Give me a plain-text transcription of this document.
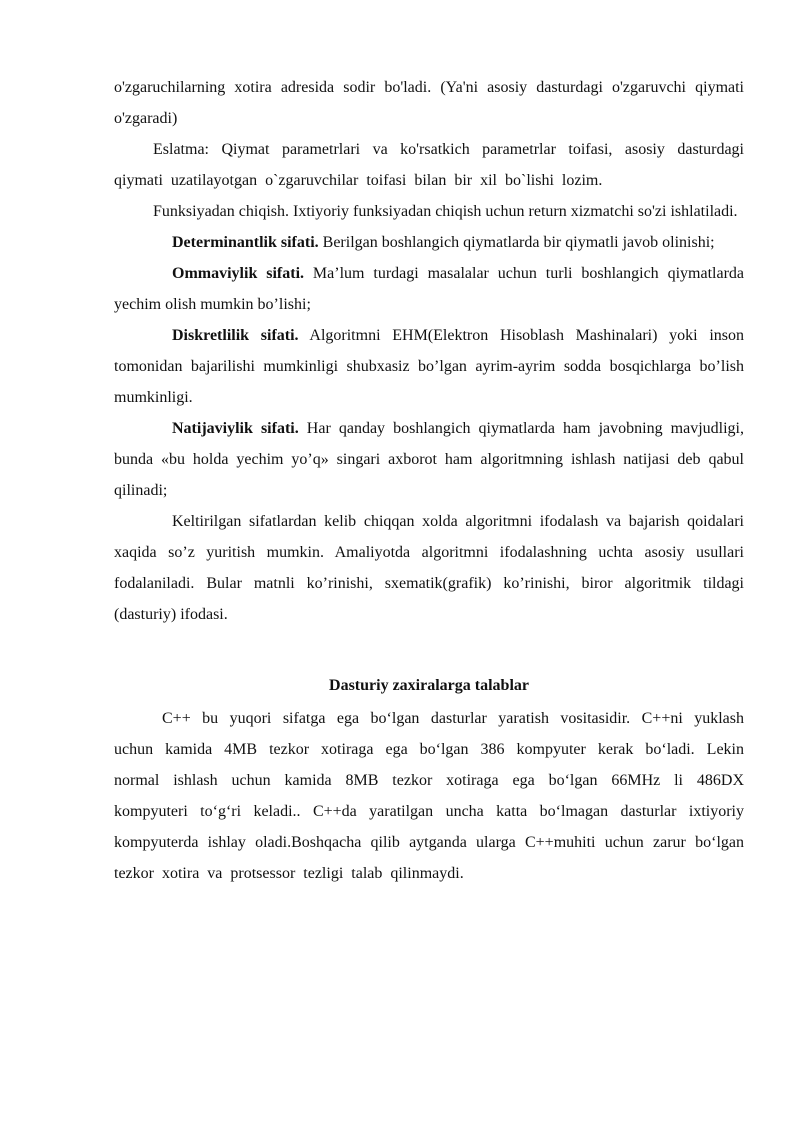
o'zgaruchilarning xotira adresida sodir bo'ladi. (Ya'ni asosiy dasturdagi o'zgaruvchi qiymati o'zgaradi)

Eslatma: Qiymat parametrlari va ko'rsatkich parametrlar toifasi, asosiy dasturdagi qiymati uzatilayotgan o`zgaruvchilar toifasi bilan bir xil bo`lishi lozim.

Funksiyadan chiqish. Ixtiyoriy funksiyadan chiqish uchun return xizmatchi so'zi ishlatiladi.

Determinantlik sifati. Berilgan boshlangich qiymatlarda bir qiymatli javob olinishi;

Ommaviylik sifati. Ma’lum turdagi masalalar uchun turli boshlangich qiymatlarda yechim olish mumkin bo’lishi;

Diskretlilik sifati. Algoritmni EHM(Elektron Hisoblash Mashinalari) yoki inson tomonidan bajarilishi mumkinligi shubxasiz bo’lgan ayrim-ayrim sodda bosqichlarga bo’lish mumkinligi.

Natijaviylik sifati. Har qanday boshlangich qiymatlarda ham javobning mavjudligi, bunda «bu holda yechim yo’q» singari axborot ham algoritmning ishlash natijasi deb qabul qilinadi;

Keltirilgan sifatlardan kelib chiqqan xolda algoritmni ifodalash va bajarish qoidalari xaqida so’z yuritish mumkin. Amaliyotda algoritmni ifodalashning uchta asosiy usullari fodalaniladi. Bular matnli ko’rinishi, sxematik(grafik) ko’rinishi, biror algoritmik tildagi (dasturiy) ifodasi.

Dasturiy zaxiralarga talablar

C++ bu yuqori sifatga ega bo‘lgan dasturlar yaratish vositasidir. C++ni yuklash uchun kamida 4MB tezkor xotiraga ega bo‘lgan 386 kompyuter kerak bo‘ladi. Lekin normal ishlash uchun kamida 8MB tezkor xotiraga ega bo‘lgan 66MHz li 486DX kompyuteri to‘g‘ri keladi.. C++da yaratilgan uncha katta bo‘lmagan dasturlar ixtiyoriy kompyuterda ishlay oladi.Boshqacha qilib aytganda ularga C++muhiti uchun zarur bo‘lgan tezkor xotira va protsessor tezligi talab qilinmaydi.
